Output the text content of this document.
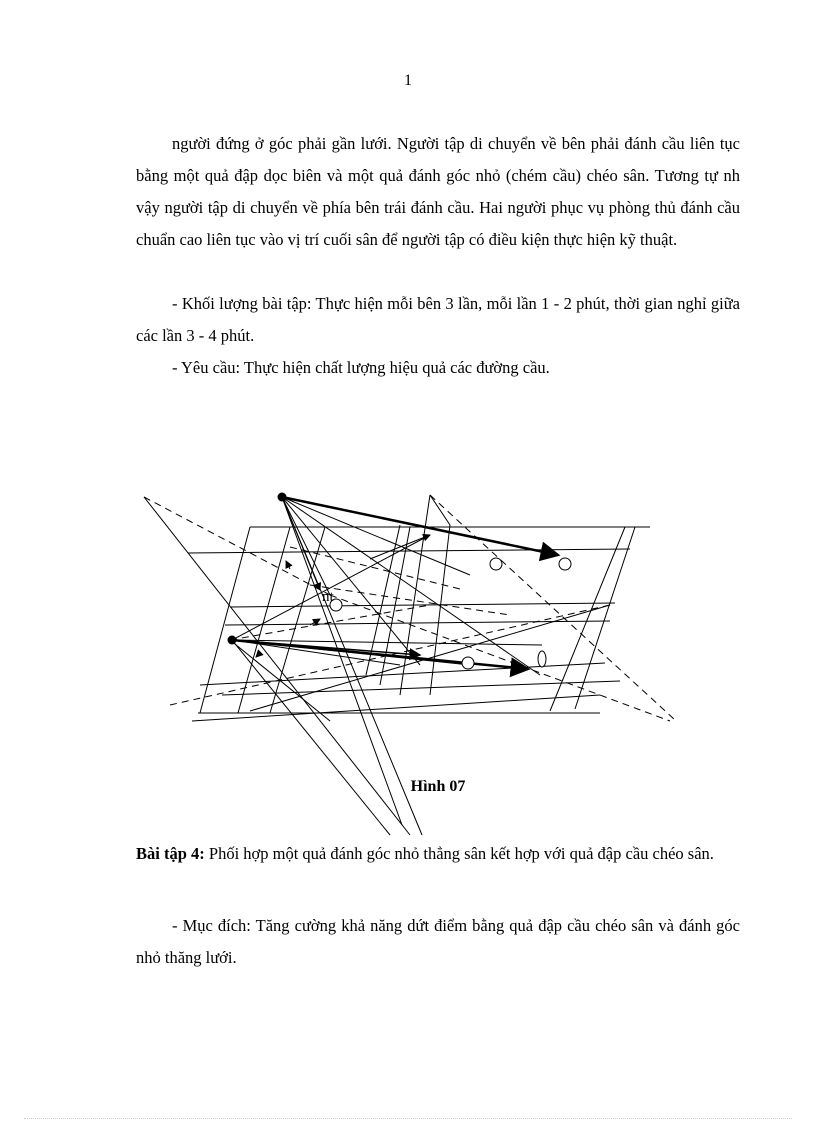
1

người đứng ở góc phải gần lưới. Người tập di chuyển về bên phải đánh cầu liên tục bằng một quả đập dọc biên và một quả đánh góc nhỏ (chém cầu) chéo sân. Tương tự nh vậy người tập di chuyển về phía bên trái đánh cầu. Hai người phục vụ phòng thủ đánh cầu chuẩn cao liên tục vào vị trí cuối sân để người tập có điều kiện thực hiện kỹ thuật.

- Khối lượng bài tập: Thực hiện mỗi bên 3 lần, mỗi lần 1 - 2 phút, thời gian nghỉ giữa các lần 3 - 4 phút.

- Yêu cầu: Thực hiện chất lượng hiệu quả các đường cầu.

nt
Hình 07

Bài tập 4: Phối hợp một quả đánh góc nhỏ thẳng sân kết hợp với quả đập cầu chéo sân.

- Mục đích: Tăng cường khả năng dứt điểm bằng quả đập cầu chéo sân và đánh góc nhỏ thăng lưới.
